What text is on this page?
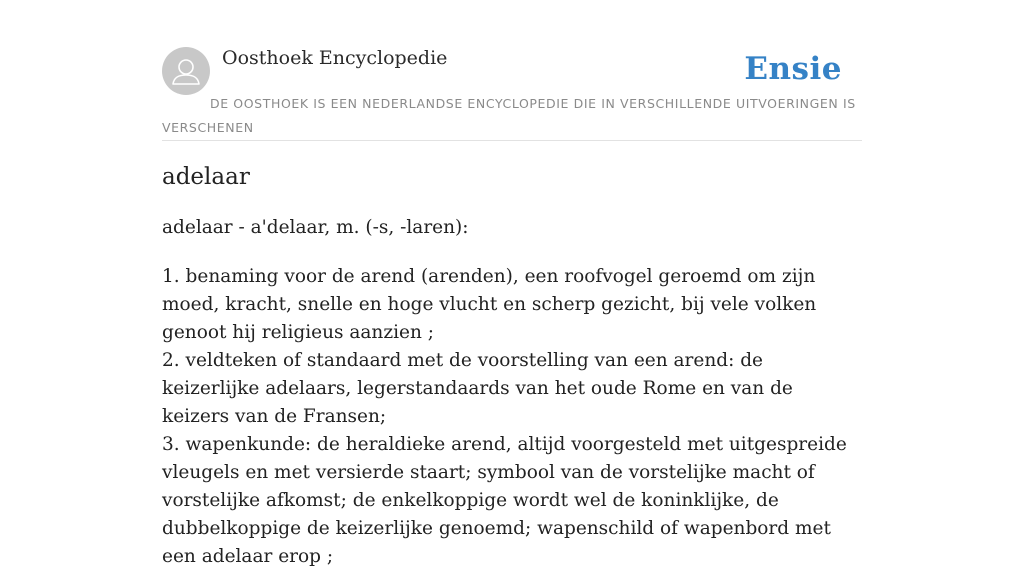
Oosthoek Encyclopedie	Ensie
DE OOSTHOEK IS EEN NEDERLANDSE ENCYCLOPEDIE DIE IN VERSCHILLENDE UITVOERINGEN IS VERSCHENEN
adelaar

adelaar - a'delaar, m. (-s, -laren):

1. benaming voor de arend (arenden), een roofvogel geroemd om zijn moed, kracht, snelle en hoge vlucht en scherp gezicht, bij vele volken genoot hij religieus aanzien ;
2. veldteken of standaard met de voorstelling van een arend: de keizerlijke adelaars, legerstandaards van het oude Rome en van de keizers van de Fransen;
3. wapenkunde: de heraldieke arend, altijd voorgesteld met uitgespreide vleugels en met versierde staart; symbool van de vorstelijke macht of vorstelijke afkomst; de enkelkoppige wordt wel de koninklijke, de dubbelkoppige de keizerlijke genoemd; wapenschild of wapenbord met een adelaar erop ;
